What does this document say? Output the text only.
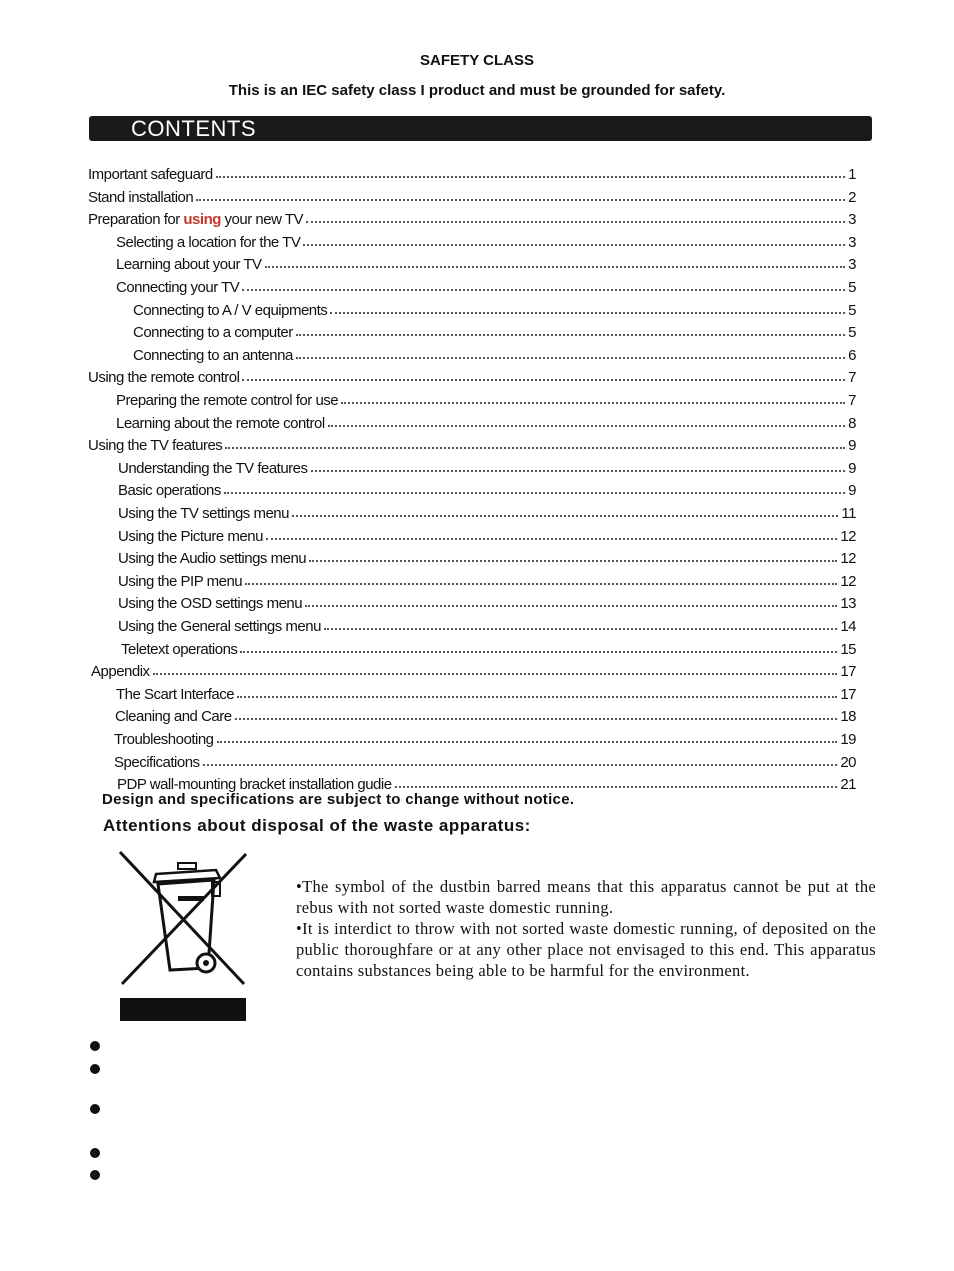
SAFETY CLASS
This is an IEC safety class I product and must be grounded for safety.
CONTENTS
Important safeguard	1
Stand installation	2
Preparation for using your new TV	3
Selecting a location for the TV	3
Learning about your TV	3
Connecting your TV	5
Connecting to A / V equipments	5
Connecting to a computer	5
Connecting to an antenna	6
Using the remote control	7
Preparing the remote control for use	7
Learning about the remote control	8
Using the TV features	9
Understanding the TV features	9
Basic operations	9
Using the TV settings menu	11
Using the Picture menu	12
Using the Audio settings menu	12
Using the PIP menu	12
Using the OSD settings menu	13
Using the General settings menu	14
Teletext operations	15
Appendix	17
The Scart Interface	17
Cleaning and Care	18
Troubleshooting	19
Specifications	20
PDP wall-mounting bracket installation gudie	21
Design and specifications are subject to change without notice.
Attentions about disposal of the waste apparatus:
•The symbol of the dustbin barred means that this apparatus cannot be put at the rebus with not sorted waste domestic running.
•It is interdict to throw with not sorted waste domestic running, of deposited on the public thoroughfare or at any other place not envisaged to this end. This apparatus contains substances being able to be harmful for the environment.
